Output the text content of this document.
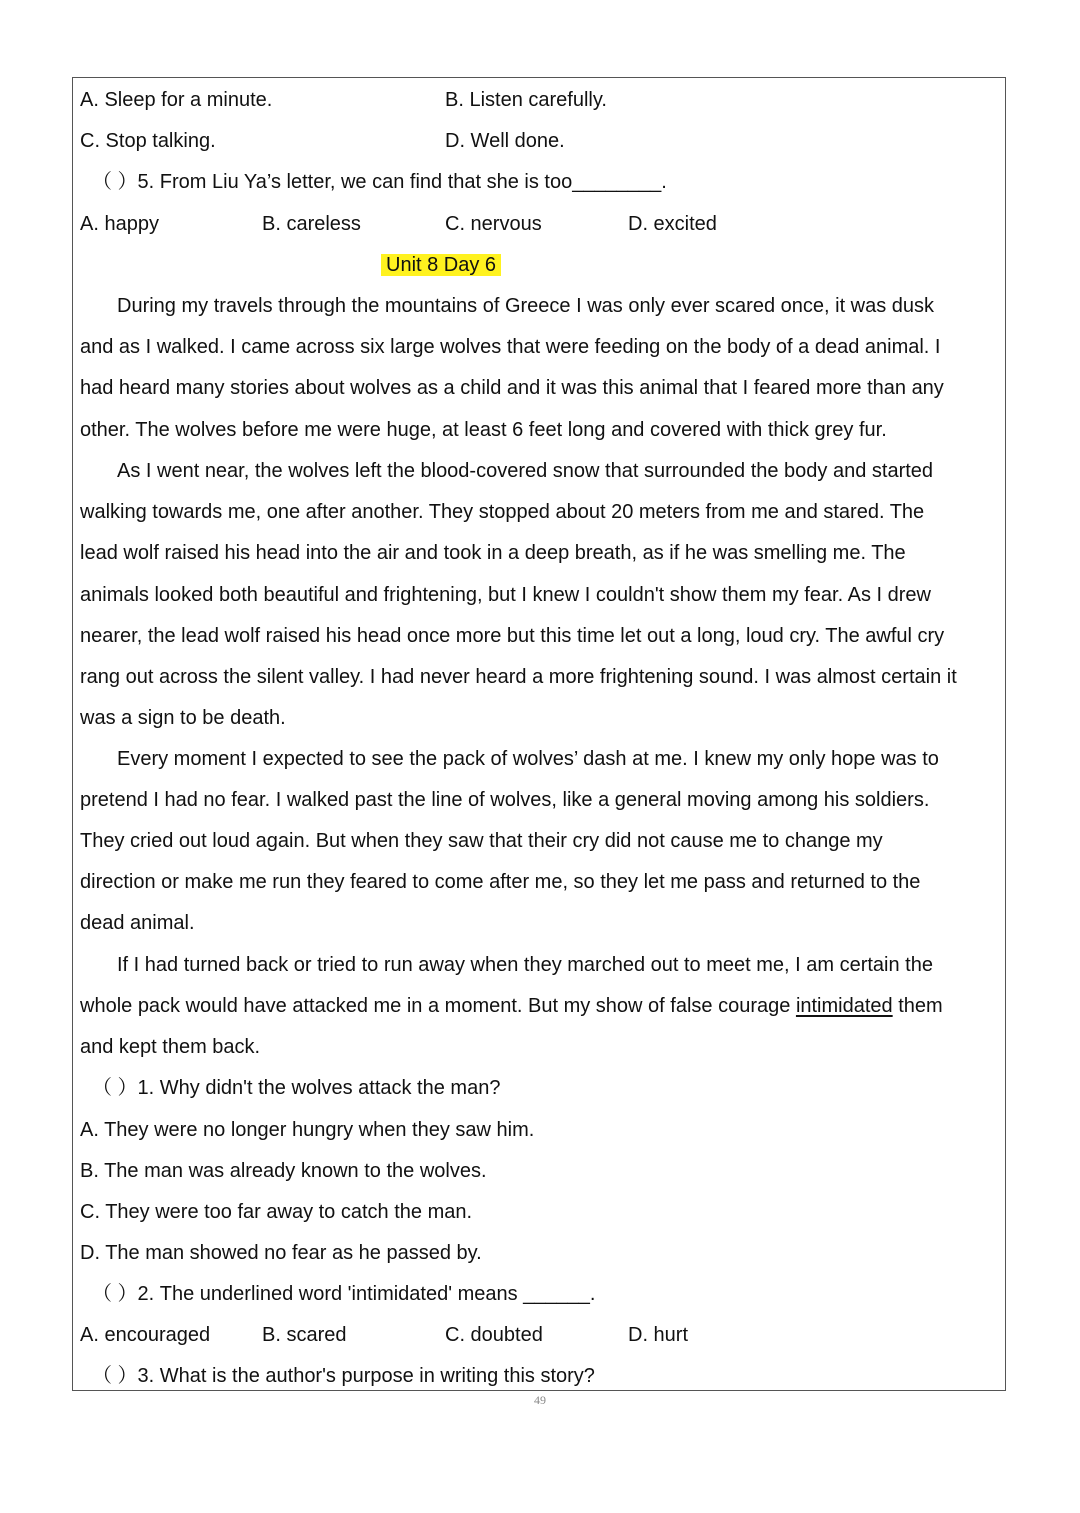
A. Sleep for a minute.	B. Listen carefully.
C. Stop talking.	D. Well done.
（ ）5. From Liu Ya’s letter, we can find that she is too________.
A. happy	B. careless	C. nervous	D. excited
Unit 8 Day 6
During my travels through the mountains of Greece I was only ever scared once, it was dusk
and as I walked. I came across six large wolves that were feeding on the body of a dead animal. I
had heard many stories about wolves as a child and it was this animal that I feared more than any
other. The wolves before me were huge, at least 6 feet long and covered with thick grey fur.
As I went near, the wolves left the blood-covered snow that surrounded the body and started
walking towards me, one after another. They stopped about 20 meters from me and stared. The
lead wolf raised his head into the air and took in a deep breath, as if he was smelling me. The
animals looked both beautiful and frightening, but I knew I couldn't show them my fear. As I drew
nearer, the lead wolf raised his head once more but this time let out a long, loud cry. The awful cry
rang out across the silent valley. I had never heard a more frightening sound. I was almost certain it
was a sign to be death.
Every moment I expected to see the pack of wolves’ dash at me. I knew my only hope was to
pretend I had no fear. I walked past the line of wolves, like a general moving among his soldiers.
They cried out loud again. But when they saw that their cry did not cause me to change my
direction or make me run they feared to come after me, so they let me pass and returned to the
dead animal.
If I had turned back or tried to run away when they marched out to meet me, I am certain the
whole pack would have attacked me in a moment. But my show of false courage intimidated them
and kept them back.
（ ）1. Why didn't the wolves attack the man?
A. They were no longer hungry when they saw him.
B. The man was already known to the wolves.
C. They were too far away to catch the man.
D. The man showed no fear as he passed by.
（ ）2. The underlined word 'intimidated' means ______.
A. encouraged	B. scared	C. doubted	D. hurt
（ ）3. What is the author's purpose in writing this story?
49
